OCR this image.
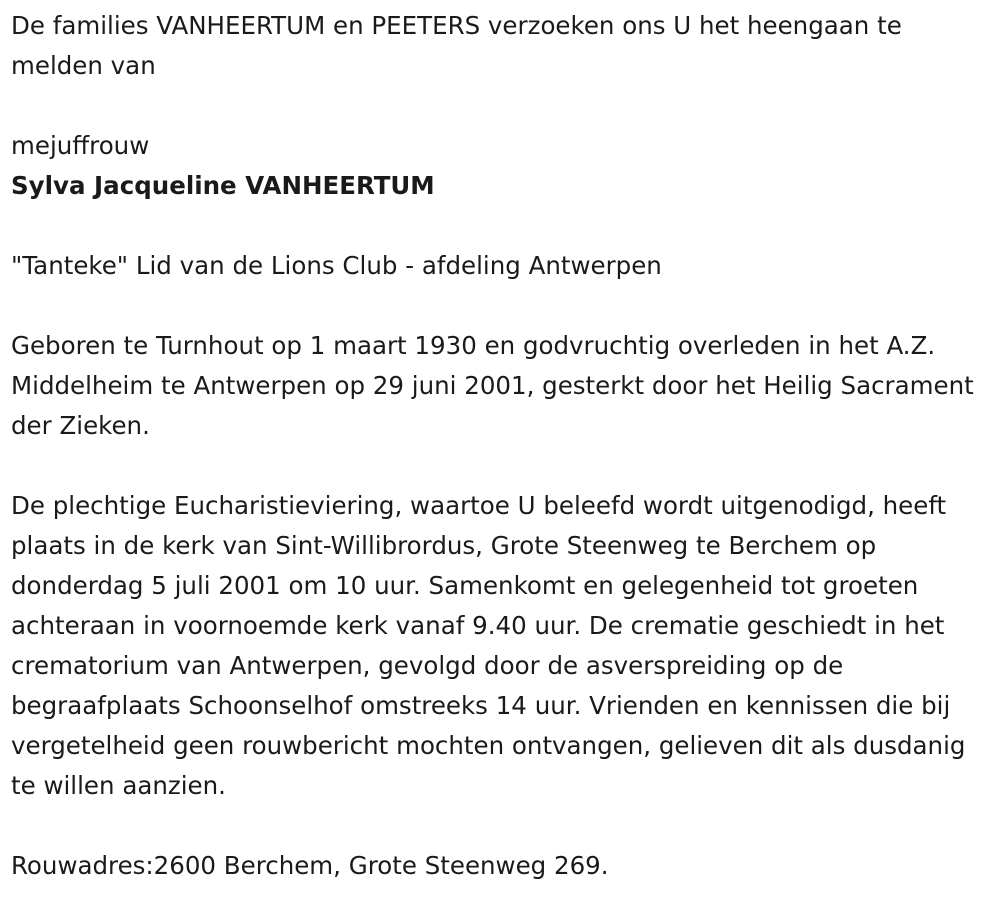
De families VANHEERTUM en PEETERS verzoeken ons U het heengaan te melden van

mejuffrouw

Sylva Jacqueline VANHEERTUM

"Tanteke" Lid van de Lions Club - afdeling Antwerpen

Geboren te Turnhout op 1 maart 1930 en godvruchtig overleden in het A.Z. Middelheim te Antwerpen op 29 juni 2001, gesterkt door het Heilig Sacrament der Zieken.

De plechtige Eucharistieviering, waartoe U beleefd wordt uitgenodigd, heeft plaats in de kerk van Sint-Willibrordus, Grote Steenweg te Berchem op donderdag 5 juli 2001 om 10 uur. Samenkomt en gelegenheid tot groeten achteraan in voornoemde kerk vanaf 9.40 uur. De crematie geschiedt in het crematorium van Antwerpen, gevolgd door de asverspreiding op de begraafplaats Schoonselhof omstreeks 14 uur. Vrienden en kennissen die bij vergetelheid geen rouwbericht mochten ontvangen, gelieven dit als dusdanig te willen aanzien.

Rouwadres:2600 Berchem, Grote Steenweg 269.
